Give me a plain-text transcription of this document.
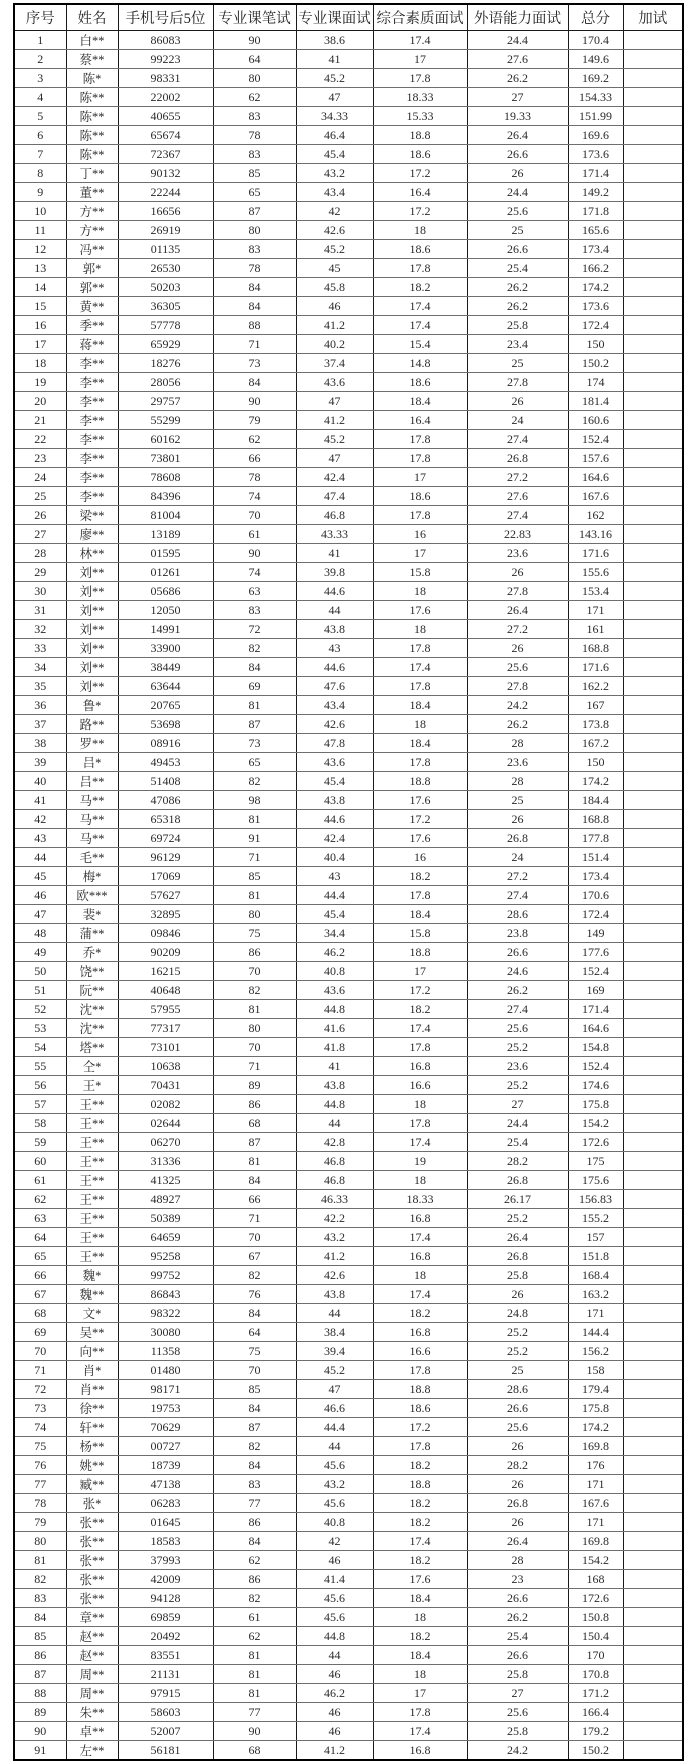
序号	姓名	手机号后5位	专业课笔试	专业课面试	综合素质面试	外语能力面试	总分	加试
1	白**	86083	90	38.6	17.4	24.4	170.4	
2	蔡**	99223	64	41	17	27.6	149.6	
3	陈*	98331	80	45.2	17.8	26.2	169.2	
4	陈**	22002	62	47	18.33	27	154.33	
5	陈**	40655	83	34.33	15.33	19.33	151.99	
6	陈**	65674	78	46.4	18.8	26.4	169.6	
7	陈**	72367	83	45.4	18.6	26.6	173.6	
8	丁**	90132	85	43.2	17.2	26	171.4	
9	董**	22244	65	43.4	16.4	24.4	149.2	
10	方**	16656	87	42	17.2	25.6	171.8	
11	方**	26919	80	42.6	18	25	165.6	
12	冯**	01135	83	45.2	18.6	26.6	173.4	
13	郭*	26530	78	45	17.8	25.4	166.2	
14	郭**	50203	84	45.8	18.2	26.2	174.2	
15	黄**	36305	84	46	17.4	26.2	173.6	
16	季**	57778	88	41.2	17.4	25.8	172.4	
17	蒋**	65929	71	40.2	15.4	23.4	150	
18	李**	18276	73	37.4	14.8	25	150.2	
19	李**	28056	84	43.6	18.6	27.8	174	
20	李**	29757	90	47	18.4	26	181.4	
21	李**	55299	79	41.2	16.4	24	160.6	
22	李**	60162	62	45.2	17.8	27.4	152.4	
23	李**	73801	66	47	17.8	26.8	157.6	
24	李**	78608	78	42.4	17	27.2	164.6	
25	李**	84396	74	47.4	18.6	27.6	167.6	
26	梁**	81004	70	46.8	17.8	27.4	162	
27	廖**	13189	61	43.33	16	22.83	143.16	
28	林**	01595	90	41	17	23.6	171.6	
29	刘**	01261	74	39.8	15.8	26	155.6	
30	刘**	05686	63	44.6	18	27.8	153.4	
31	刘**	12050	83	44	17.6	26.4	171	
32	刘**	14991	72	43.8	18	27.2	161	
33	刘**	33900	82	43	17.8	26	168.8	
34	刘**	38449	84	44.6	17.4	25.6	171.6	
35	刘**	63644	69	47.6	17.8	27.8	162.2	
36	鲁*	20765	81	43.4	18.4	24.2	167	
37	路**	53698	87	42.6	18	26.2	173.8	
38	罗**	08916	73	47.8	18.4	28	167.2	
39	吕*	49453	65	43.6	17.8	23.6	150	
40	吕**	51408	82	45.4	18.8	28	174.2	
41	马**	47086	98	43.8	17.6	25	184.4	
42	马**	65318	81	44.6	17.2	26	168.8	
43	马**	69724	91	42.4	17.6	26.8	177.8	
44	毛**	96129	71	40.4	16	24	151.4	
45	梅*	17069	85	43	18.2	27.2	173.4	
46	欧***	57627	81	44.4	17.8	27.4	170.6	
47	裴*	32895	80	45.4	18.4	28.6	172.4	
48	蒲**	09846	75	34.4	15.8	23.8	149	
49	乔*	90209	86	46.2	18.8	26.6	177.6	
50	饶**	16215	70	40.8	17	24.6	152.4	
51	阮**	40648	82	43.6	17.2	26.2	169	
52	沈**	57955	81	44.8	18.2	27.4	171.4	
53	沈**	77317	80	41.6	17.4	25.6	164.6	
54	塔**	73101	70	41.8	17.8	25.2	154.8	
55	仝*	10638	71	41	16.8	23.6	152.4	
56	王*	70431	89	43.8	16.6	25.2	174.6	
57	王**	02082	86	44.8	18	27	175.8	
58	王**	02644	68	44	17.8	24.4	154.2	
59	王**	06270	87	42.8	17.4	25.4	172.6	
60	王**	31336	81	46.8	19	28.2	175	
61	王**	41325	84	46.8	18	26.8	175.6	
62	王**	48927	66	46.33	18.33	26.17	156.83	
63	王**	50389	71	42.2	16.8	25.2	155.2	
64	王**	64659	70	43.2	17.4	26.4	157	
65	王**	95258	67	41.2	16.8	26.8	151.8	
66	魏*	99752	82	42.6	18	25.8	168.4	
67	魏**	86843	76	43.8	17.4	26	163.2	
68	文*	98322	84	44	18.2	24.8	171	
69	吴**	30080	64	38.4	16.8	25.2	144.4	
70	向**	11358	75	39.4	16.6	25.2	156.2	
71	肖*	01480	70	45.2	17.8	25	158	
72	肖**	98171	85	47	18.8	28.6	179.4	
73	徐**	19753	84	46.6	18.6	26.6	175.8	
74	轩**	70629	87	44.4	17.2	25.6	174.2	
75	杨**	00727	82	44	17.8	26	169.8	
76	姚**	18739	84	45.6	18.2	28.2	176	
77	臧**	47138	83	43.2	18.8	26	171	
78	张*	06283	77	45.6	18.2	26.8	167.6	
79	张**	01645	86	40.8	18.2	26	171	
80	张**	18583	84	42	17.4	26.4	169.8	
81	张**	37993	62	46	18.2	28	154.2	
82	张**	42009	86	41.4	17.6	23	168	
83	张**	94128	82	45.6	18.4	26.6	172.6	
84	章**	69859	61	45.6	18	26.2	150.8	
85	赵**	20492	62	44.8	18.2	25.4	150.4	
86	赵**	83551	81	44	18.4	26.6	170	
87	周**	21131	81	46	18	25.8	170.8	
88	周**	97915	81	46.2	17	27	171.2	
89	朱**	58603	77	46	17.8	25.6	166.4	
90	卓**	52007	90	46	17.4	25.8	179.2	
91	左**	56181	68	41.2	16.8	24.2	150.2	
